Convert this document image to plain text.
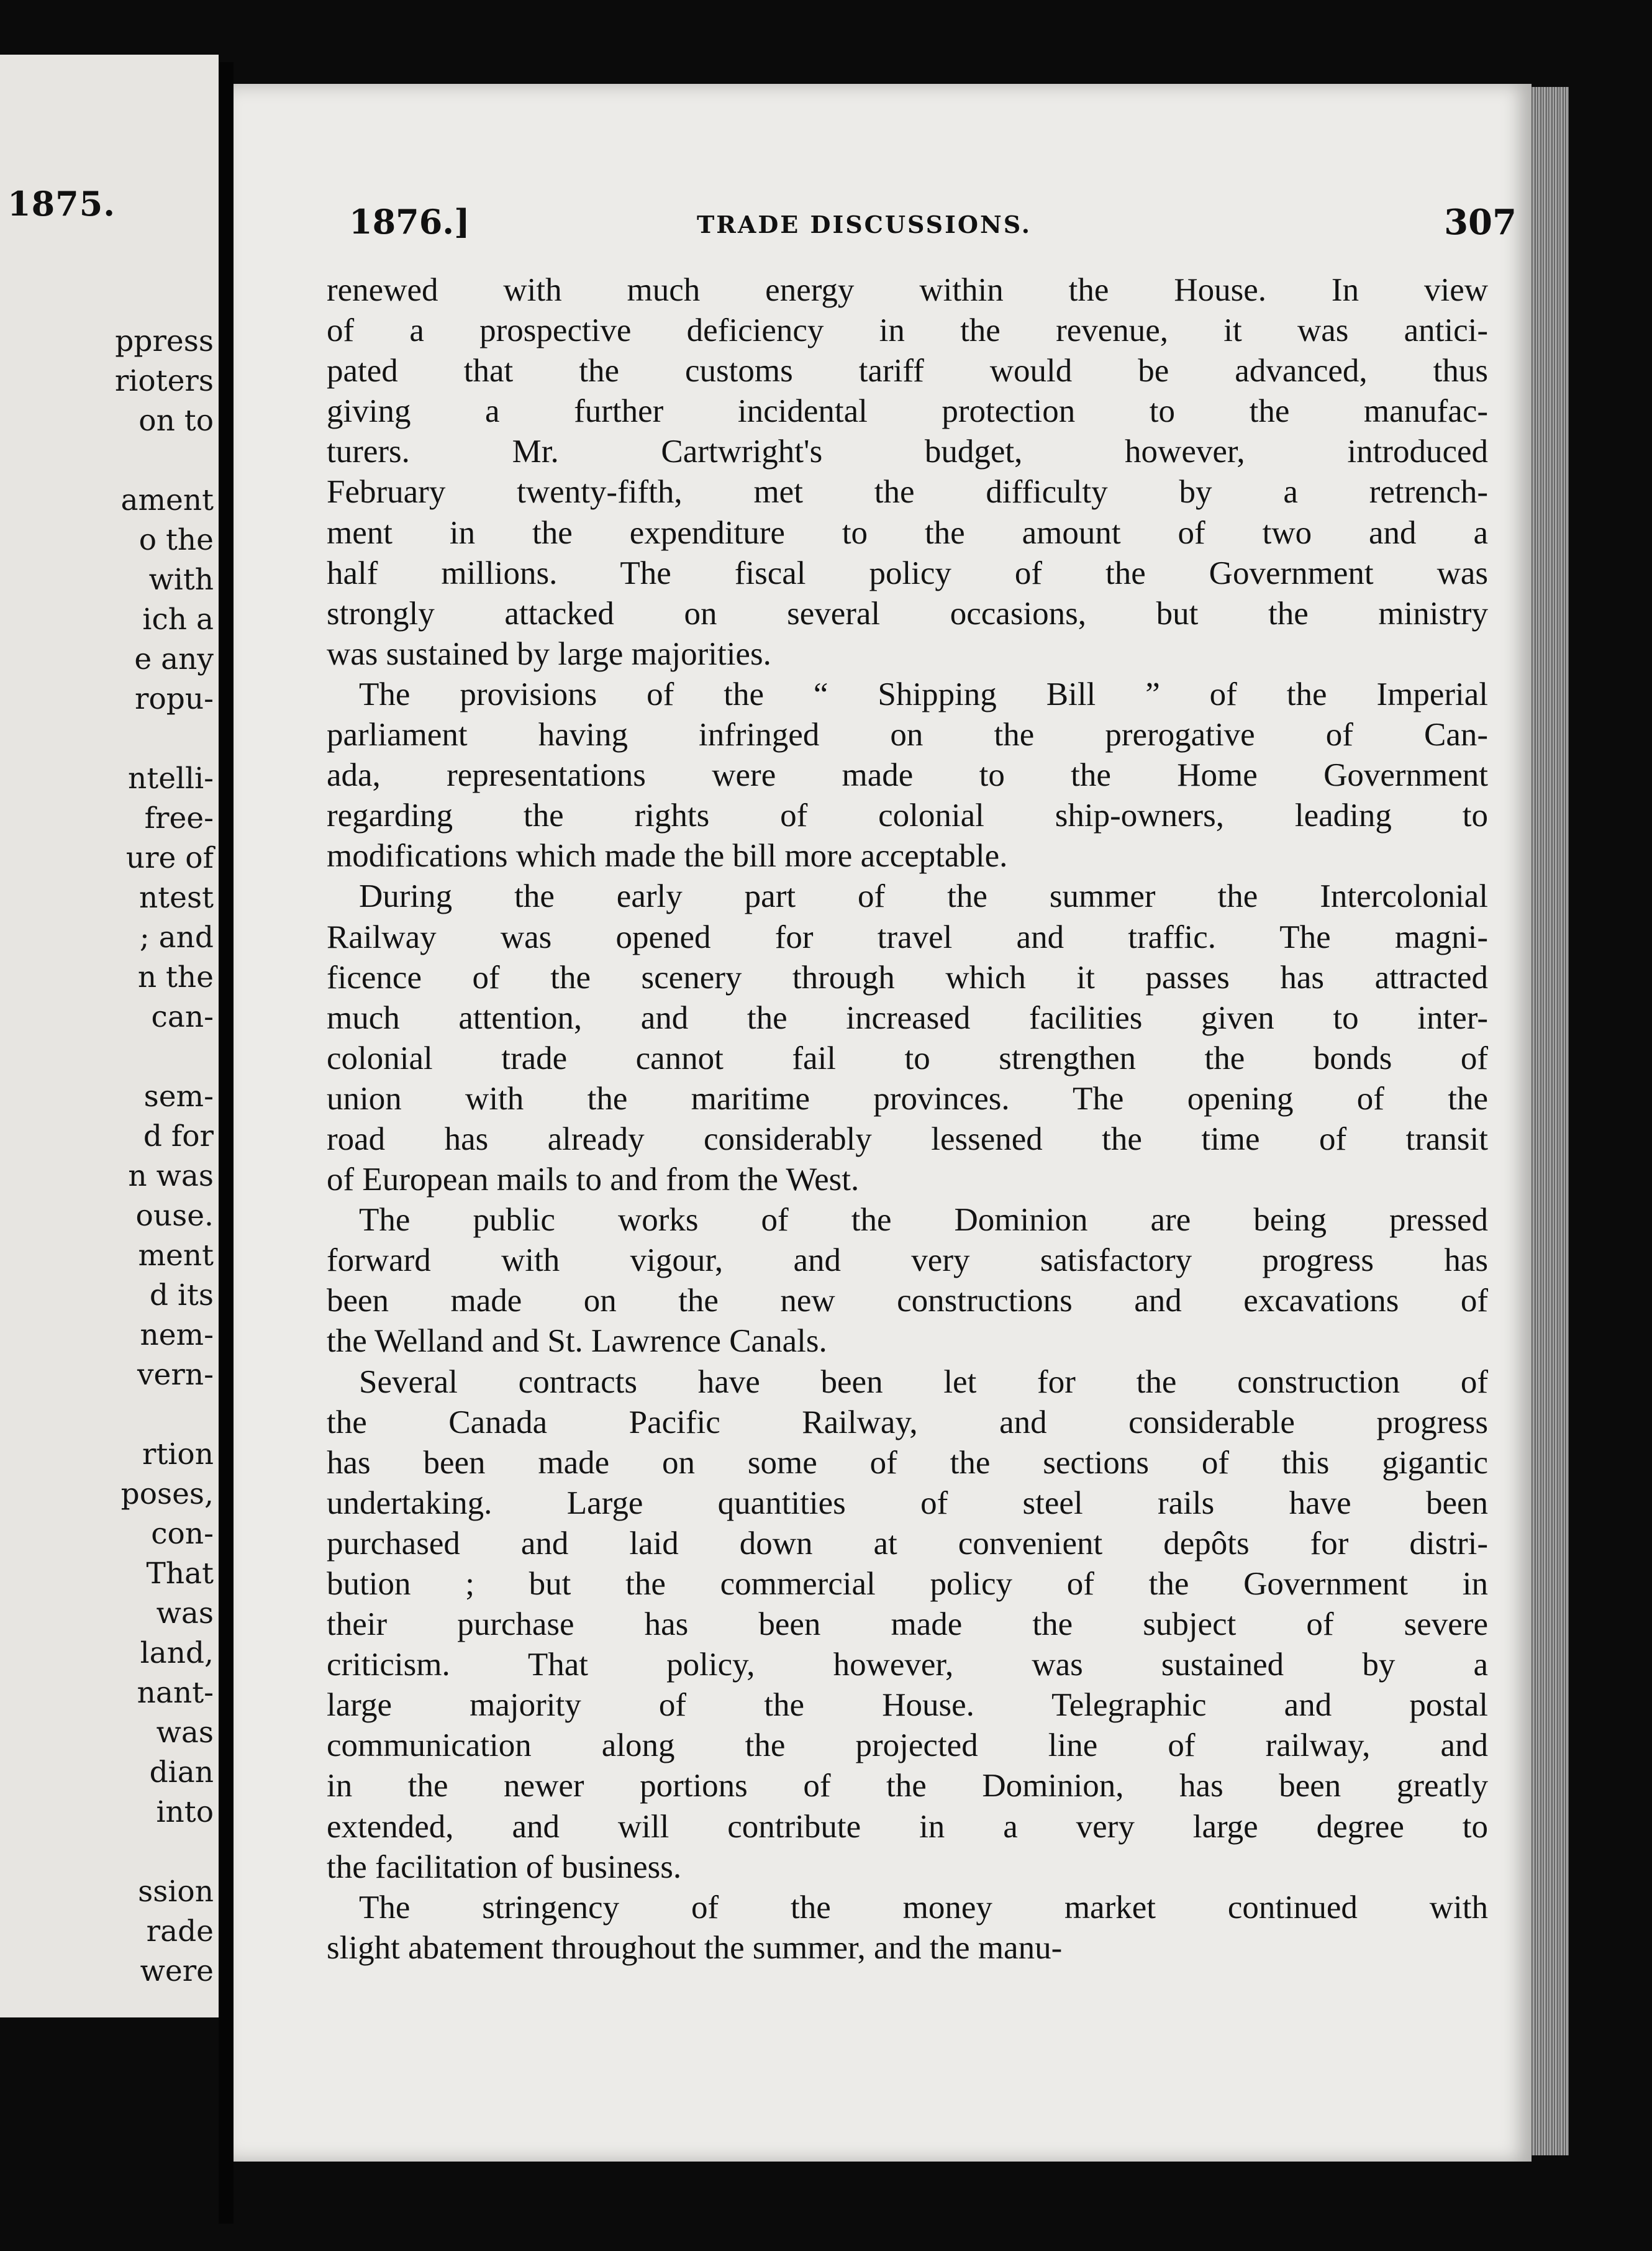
1875.
ppress
rioters
on to
ament
o the
with
ich a
e any
ropu-
ntelli-
free-
ure of
ntest
; and
n the
can-
sem-
d for
n was
ouse.
ment
d its
nem-
vern-
rtion
poses,
con-
That
was
land,
nant-
was
dian
into
ssion
rade
were
1876.]	TRADE DISCUSSIONS.	307
renewed with much energy within the House. In view
of a prospective deficiency in the revenue, it was antici-
pated that the customs tariff would be advanced, thus
giving a further incidental protection to the manufac-
turers. Mr. Cartwright's budget, however, introduced
February twenty-fifth, met the difficulty by a retrench-
ment in the expenditure to the amount of two and a
half millions. The fiscal policy of the Government was
strongly attacked on several occasions, but the ministry
was sustained by large majorities.
The provisions of the “ Shipping Bill ” of the Imperial
parliament having infringed on the prerogative of Can-
ada, representations were made to the Home Government
regarding the rights of colonial ship-owners, leading to
modifications which made the bill more acceptable.
During the early part of the summer the Intercolonial
Railway was opened for travel and traffic. The magni-
ficence of the scenery through which it passes has attracted
much attention, and the increased facilities given to inter-
colonial trade cannot fail to strengthen the bonds of
union with the maritime provinces. The opening of the
road has already considerably lessened the time of transit
of European mails to and from the West.
The public works of the Dominion are being pressed
forward with vigour, and very satisfactory progress has
been made on the new constructions and excavations of
the Welland and St. Lawrence Canals.
Several contracts have been let for the construction of
the Canada Pacific Railway, and considerable progress
has been made on some of the sections of this gigantic
undertaking. Large quantities of steel rails have been
purchased and laid down at convenient depôts for distri-
bution ; but the commercial policy of the Government in
their purchase has been made the subject of severe
criticism. That policy, however, was sustained by a
large majority of the House. Telegraphic and postal
communication along the projected line of railway, and
in the newer portions of the Dominion, has been greatly
extended, and will contribute in a very large degree to
the facilitation of business.
The stringency of the money market continued with
slight abatement throughout the summer, and the manu-
